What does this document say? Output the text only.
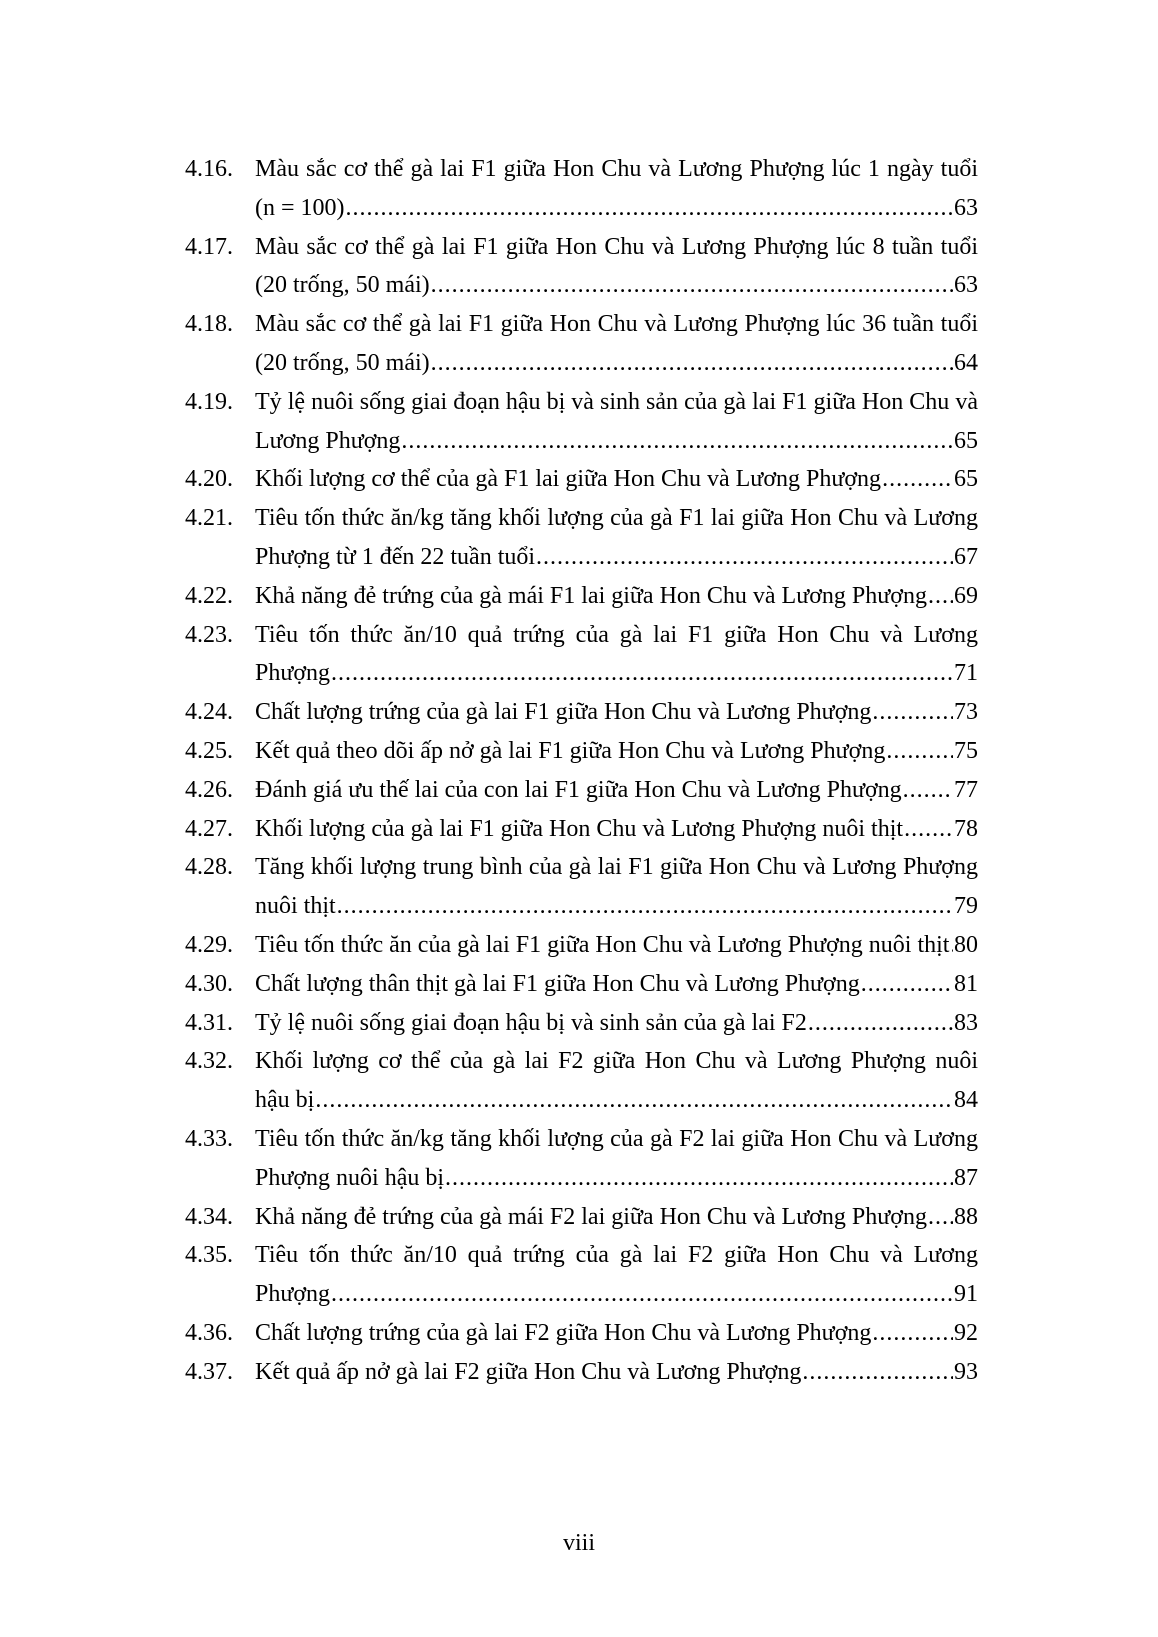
4.16. Màu sắc cơ thể gà lai F1 giữa Hon Chu và Lương Phượng lúc 1 ngày tuổi
(n = 100) .....	63
4.17. Màu sắc cơ thể gà lai F1 giữa Hon Chu và Lương Phượng lúc 8 tuần tuổi
(20 trống, 50 mái) .....	63
4.18. Màu sắc cơ thể gà lai F1 giữa Hon Chu và Lương Phượng lúc 36 tuần tuổi
(20 trống, 50 mái) .....	64
4.19. Tỷ lệ nuôi sống giai đoạn hậu bị và sinh sản của gà lai F1 giữa Hon Chu và
Lương Phượng .....	65
4.20. Khối lượng cơ thể của gà F1 lai giữa Hon Chu và Lương Phượng .....	65
4.21. Tiêu tốn thức ăn/kg tăng khối lượng của gà F1 lai giữa Hon Chu và Lương
Phượng từ 1 đến 22 tuần tuổi .....	67
4.22. Khả năng đẻ trứng của gà mái F1 lai giữa Hon Chu và Lương Phượng ..... 69
4.23. Tiêu tốn thức ăn/10 quả trứng của gà lai F1 giữa Hon Chu và Lương
Phượng .....	71
4.24. Chất lượng trứng của gà lai F1 giữa Hon Chu và Lương Phượng .....	73
4.25. Kết quả theo dõi ấp nở gà lai F1 giữa Hon Chu và Lương Phượng .....	75
4.26. Đánh giá ưu thế lai của con lai F1 giữa Hon Chu và Lương Phượng ..... 77
4.27. Khối lượng của gà lai F1 giữa Hon Chu và Lương Phượng nuôi thịt ..... 78
4.28. Tăng khối lượng trung bình của gà lai F1 giữa Hon Chu và Lương Phượng
nuôi thịt .....	79
4.29. Tiêu tốn thức ăn của gà lai F1 giữa Hon Chu và Lương Phượng nuôi thịt ..... 80
4.30. Chất lượng thân thịt gà lai F1 giữa Hon Chu và Lương Phượng .....	81
4.31. Tỷ lệ nuôi sống giai đoạn hậu bị và sinh sản của gà lai F2 .....	83
4.32. Khối lượng cơ thể của gà lai F2 giữa Hon Chu và Lương Phượng nuôi
hậu bị .....	84
4.33. Tiêu tốn thức ăn/kg tăng khối lượng của gà F2 lai giữa Hon Chu và Lương
Phượng nuôi hậu bị .....	87
4.34. Khả năng đẻ trứng của gà mái F2 lai giữa Hon Chu và Lương Phượng ..... 88
4.35. Tiêu tốn thức ăn/10 quả trứng của gà lai F2 giữa Hon Chu và Lương
Phượng .....	91
4.36. Chất lượng trứng của gà lai F2 giữa Hon Chu và Lương Phượng .....	92
4.37. Kết quả ấp nở gà lai F2 giữa Hon Chu và Lương Phượng .....	93
viii
